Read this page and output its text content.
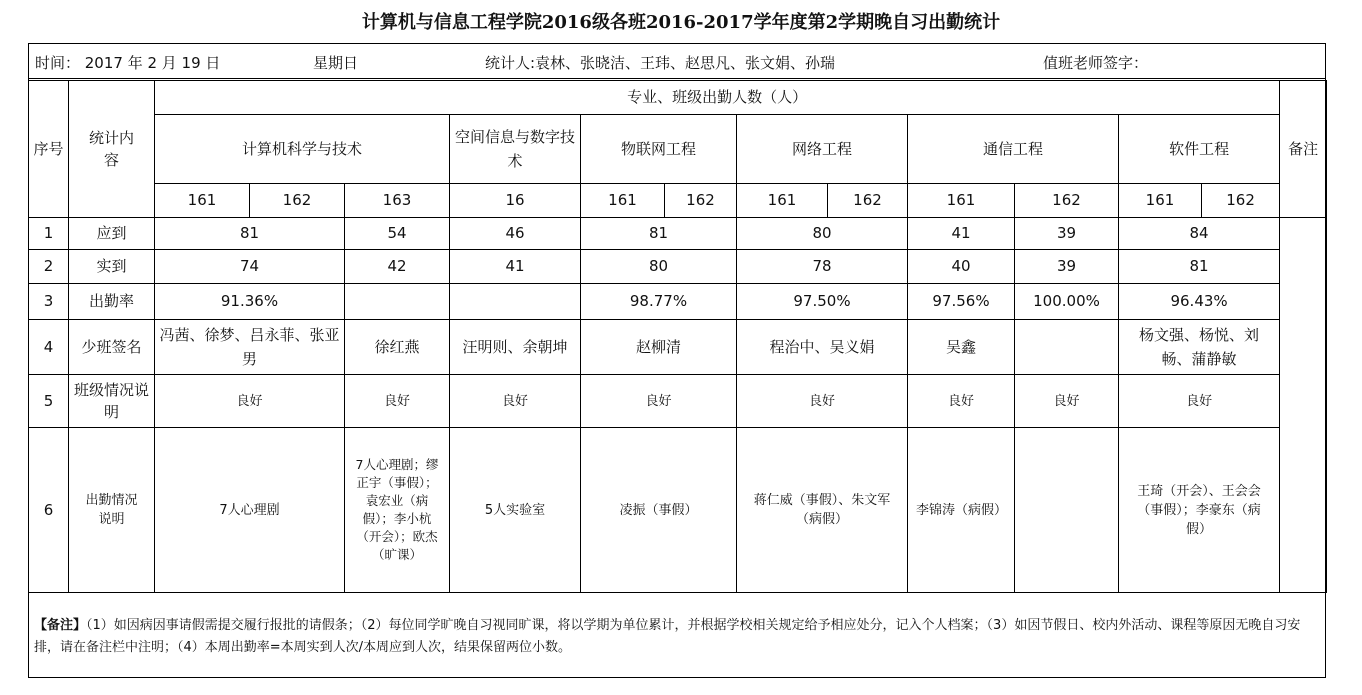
计算机与信息工程学院2016级各班2016-2017学年度第2学期晚自习出勤统计
时间： 2017 年 2 月 19 日	星期日	统计人:袁林、张晓洁、王玮、赵思凡、张文娟、孙瑞	值班老师签字：
序号	统计内容	专业、班级出勤人数（人）												备注
		计算机科学与技术			空间信息与数字技术	物联网工程		网络工程		通信工程		软件工程		
		161	162	163	16	161	162	161	162	161	162	161	162	
1	应到	81		54	46	81		80		41	39	84		
2	实到	74		42	41	80		78		40	39	81		
3	出勤率	91.36%				98.77%		97.50%		97.56%	100.00%	96.43%		
4	少班签名	冯茜、徐梦、吕永菲、张亚男		徐红燕	汪明则、余朝坤	赵柳清		程治中、吴义娟		吴鑫		杨文强、杨悦、刘畅、蒲静敏		

5	班级情况说明	良好		良好	良好	良好		良好		良好	良好	良好		
6	出勤情况说明	7人心理剧		7人心理剧；缪正宇（事假）；袁宏业（病假）；李小杭（开会）；欧杰（旷课）	5人实验室	凌振（事假）		蒋仁威（事假）、朱文军（病假）		李锦涛（病假）		王琦（开会）、王会会（事假）；李豪东（病假）		
【备注】（1）如因病因事请假需提交履行报批的请假条；（2）每位同学旷晚自习视同旷课，将以学期为单位累计，并根据学校相关规定给予相应处分，记入个人档案；（3）如因节假日、校内外活动、课程等原因无晚自习安排，请在备注栏中注明；（4）本周出勤率=本周实到人次/本周应到人次，结果保留两位小数。
